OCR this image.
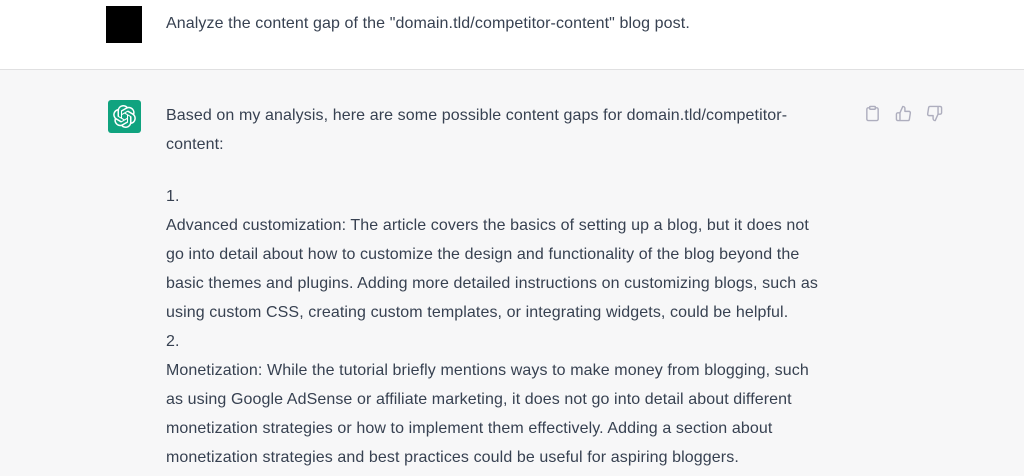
Analyze the content gap of the "domain.tld/competitor-content" blog post.
Based on my analysis, here are some possible content gaps for domain.tld/competitor-
content:
1.
Advanced customization: The article covers the basics of setting up a blog, but it does not
go into detail about how to customize the design and functionality of the blog beyond the
basic themes and plugins. Adding more detailed instructions on customizing blogs, such as
using custom CSS, creating custom templates, or integrating widgets, could be helpful.
2.
Monetization: While the tutorial briefly mentions ways to make money from blogging, such
as using Google AdSense or affiliate marketing, it does not go into detail about different
monetization strategies or how to implement them effectively. Adding a section about
monetization strategies and best practices could be useful for aspiring bloggers.
